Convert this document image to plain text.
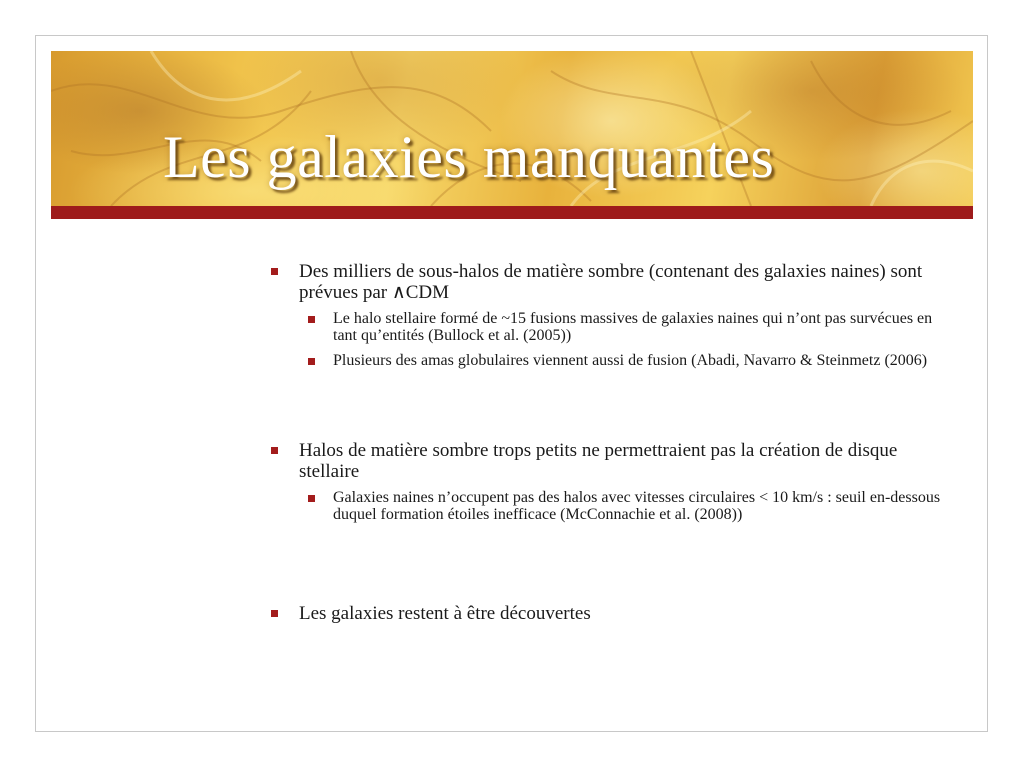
Les galaxies manquantes
Des milliers de sous-halos de matière sombre (contenant des galaxies naines) sont prévues par ∧CDM
Le halo stellaire formé de ~15 fusions massives de galaxies naines qui n’ont pas survécues en tant qu’entités (Bullock et al. (2005))
Plusieurs des amas globulaires viennent aussi de fusion (Abadi, Navarro & Steinmetz (2006)
Halos de matière sombre trops petits ne permettraient pas la création de disque stellaire
Galaxies naines n’occupent pas des halos avec vitesses circulaires < 10 km/s : seuil en-dessous duquel formation étoiles inefficace (McConnachie et al. (2008))
Les galaxies restent à être découvertes
